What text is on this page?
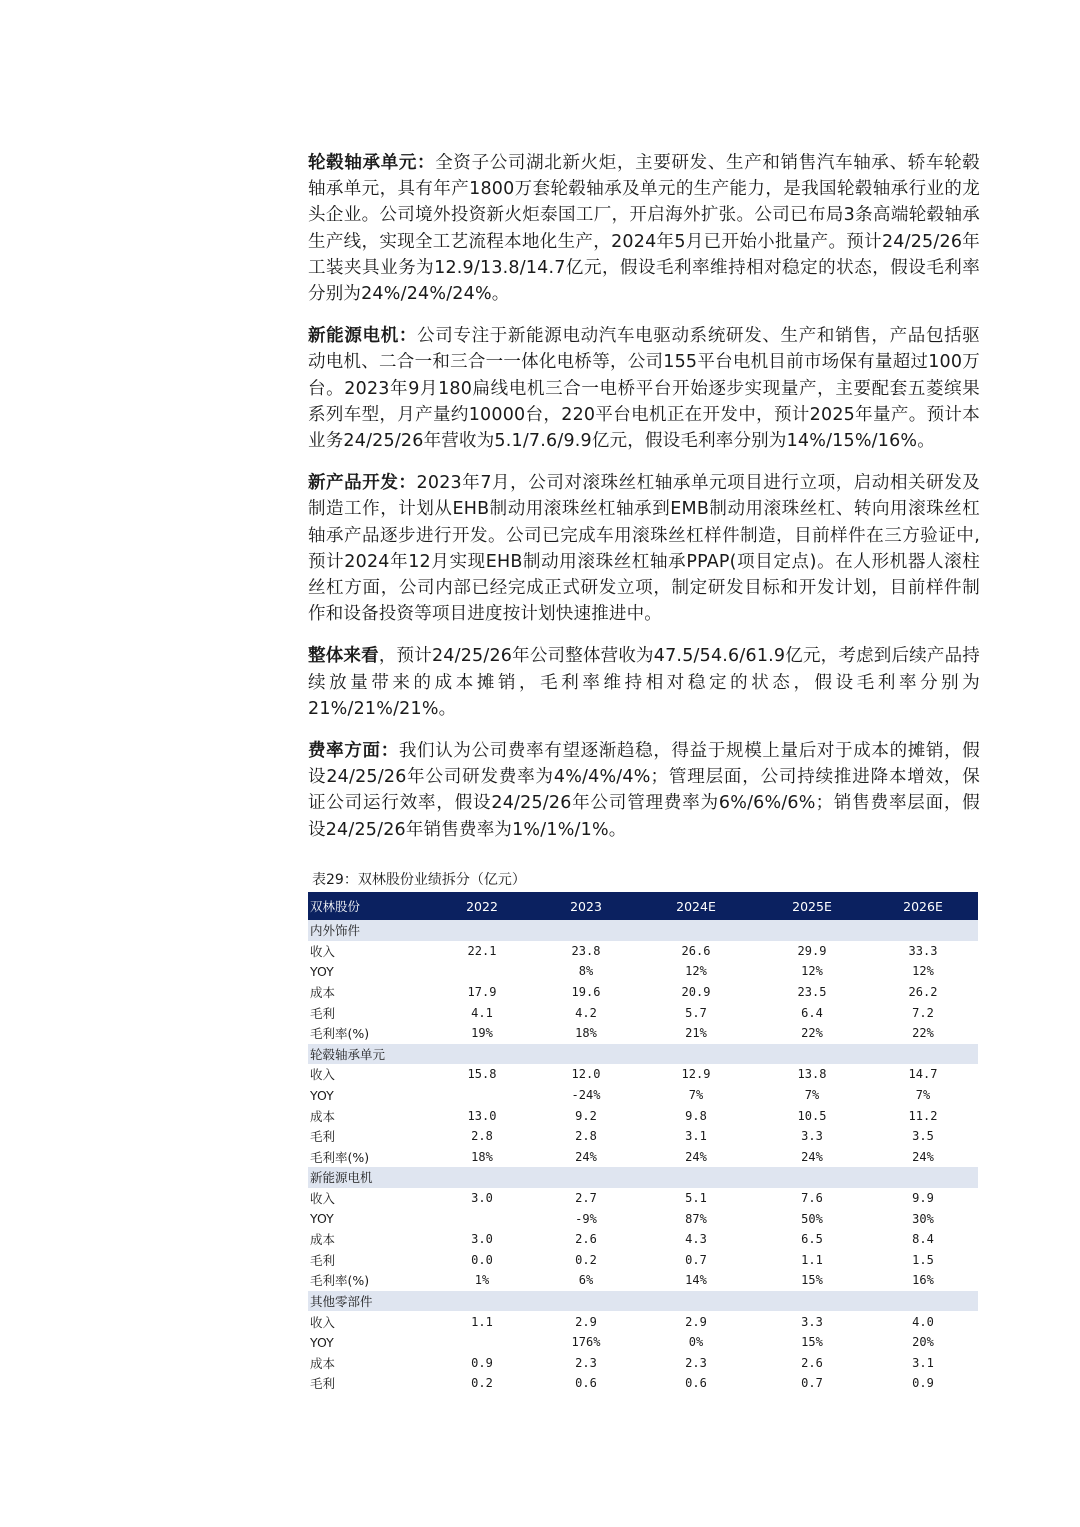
轮毂轴承单元：全资子公司湖北新火炬，主要研发、生产和销售汽车轴承、轿车轮毂轴承单元，具有年产1800万套轮毂轴承及单元的生产能力，是我国轮毂轴承行业的龙头企业。公司境外投资新火炬泰国工厂，开启海外扩张。公司已布局3条高端轮毂轴承生产线，实现全工艺流程本地化生产，2024年5月已开始小批量产。预计24/25/26年工装夹具业务为12.9/13.8/14.7亿元，假设毛利率维持相对稳定的状态，假设毛利率分别为24%/24%/24%。

新能源电机：公司专注于新能源电动汽车电驱动系统研发、生产和销售，产品包括驱动电机、二合一和三合一一体化电桥等，公司155平台电机目前市场保有量超过100万台。2023年9月180扁线电机三合一电桥平台开始逐步实现量产，主要配套五菱缤果系列车型，月产量约10000台，220平台电机正在开发中，预计2025年量产。预计本业务24/25/26年营收为5.1/7.6/9.9亿元，假设毛利率分别为14%/15%/16%。

新产品开发：2023年7月，公司对滚珠丝杠轴承单元项目进行立项，启动相关研发及制造工作，计划从EHB制动用滚珠丝杠轴承到EMB制动用滚珠丝杠、转向用滚珠丝杠轴承产品逐步进行开发。公司已完成车用滚珠丝杠样件制造，目前样件在三方验证中,预计2024年12月实现EHB制动用滚珠丝杠轴承PPAP(项目定点)。在人形机器人滚柱丝杠方面，公司内部已经完成正式研发立项，制定研发目标和开发计划，目前样件制作和设备投资等项目进度按计划快速推进中。

整体来看，预计24/25/26年公司整体营收为47.5/54.6/61.9亿元，考虑到后续产品持续放量带来的成本摊销，毛利率维持相对稳定的状态，假设毛利率分别为21%/21%/21%。

费率方面：我们认为公司费率有望逐渐趋稳，得益于规模上量后对于成本的摊销，假设24/25/26年公司研发费率为4%/4%/4%；管理层面，公司持续推进降本增效，保证公司运行效率，假设24/25/26年公司管理费率为6%/6%/6%；销售费率层面，假设24/25/26年销售费率为1%/1%/1%。

表29：双林股份业绩拆分（亿元）
双林股份	2022	2023	2024E	2025E	2026E
内外饰件					
收入	22.1	23.8	26.6	29.9	33.3
YOY		8%	12%	12%	12%
成本	17.9	19.6	20.9	23.5	26.2
毛利	4.1	4.2	5.7	6.4	7.2
毛利率(%)	19%	18%	21%	22%	22%
轮毂轴承单元					
收入	15.8	12.0	12.9	13.8	14.7
YOY		-24%	7%	7%	7%
成本	13.0	9.2	9.8	10.5	11.2
毛利	2.8	2.8	3.1	3.3	3.5
毛利率(%)	18%	24%	24%	24%	24%
新能源电机					
收入	3.0	2.7	5.1	7.6	9.9
YOY		-9%	87%	50%	30%
成本	3.0	2.6	4.3	6.5	8.4
毛利	0.0	0.2	0.7	1.1	1.5
毛利率(%)	1%	6%	14%	15%	16%
其他零部件					
收入	1.1	2.9	2.9	3.3	4.0
YOY		176%	0%	15%	20%
成本	0.9	2.3	2.3	2.6	3.1
毛利	0.2	0.6	0.6	0.7	0.9
